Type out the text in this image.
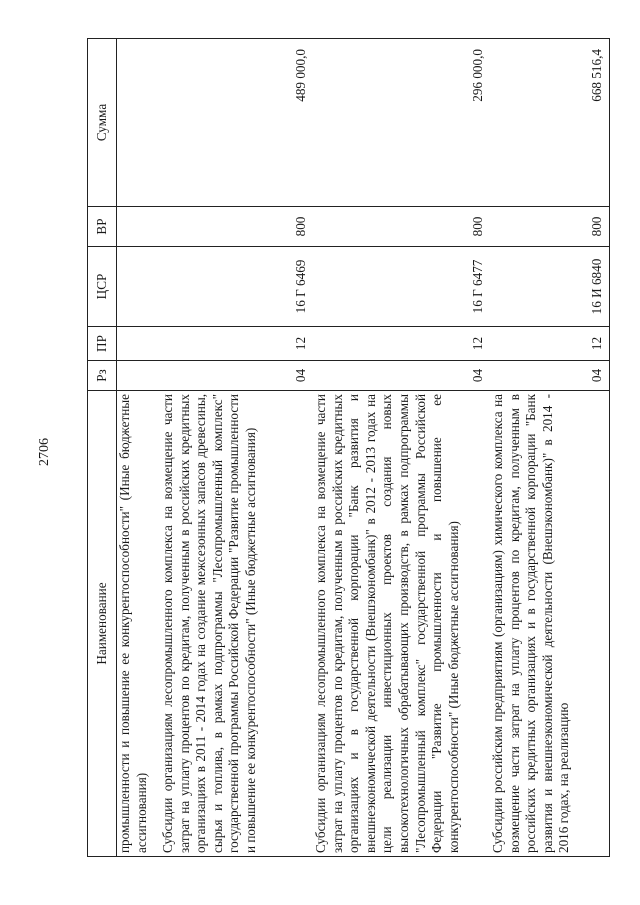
2706
Наименование	Рз	ПР	ЦСР	ВР	Сумма
промышленности и повышение ее конкурентоспособности" (Иные бюджетные ассигнования)					
Субсидии организациям лесопромышленного комплекса на возмещение части затрат на уплату процентов по кредитам, полученным в российских кредитных организациях в 2011 - 2014 годах на создание межсезонных запасов древесины, сырья и топлива, в рамках подпрограммы "Лесопромышленный комплекс" государственной программы Российской Федерации "Развитие промышленности и повышение ее конкурентоспособности" (Иные бюджетные ассигнования)	04	12	16 Г 6469	800	489 000,0
Субсидии организациям лесопромышленного комплекса на возмещение части затрат на уплату процентов по кредитам, полученным в российских кредитных организациях и в государственной корпорации "Банк развития и внешнеэкономической деятельности (Внешэкономбанк)" в 2012 - 2013 годах на цели реализации инвестиционных проектов создания новых высокотехнологичных обрабатывающих производств, в рамках подпрограммы "Лесопромышленный комплекс" государственной программы Российской Федерации "Развитие промышленности и повышение ее конкурентоспособности" (Иные бюджетные ассигнования)	04	12	16 Г 6477	800	296 000,0
Субсидии российским предприятиям (организациям) химического комплекса на возмещение части затрат на уплату процентов по кредитам, полученным в российских кредитных организациях и в государственной корпорации "Банк развития и внешнеэкономической деятельности (Внешэкономбанк)" в 2014 - 2016 годах, на реализацию	04	12	16 И 6840	800	668 516,4
